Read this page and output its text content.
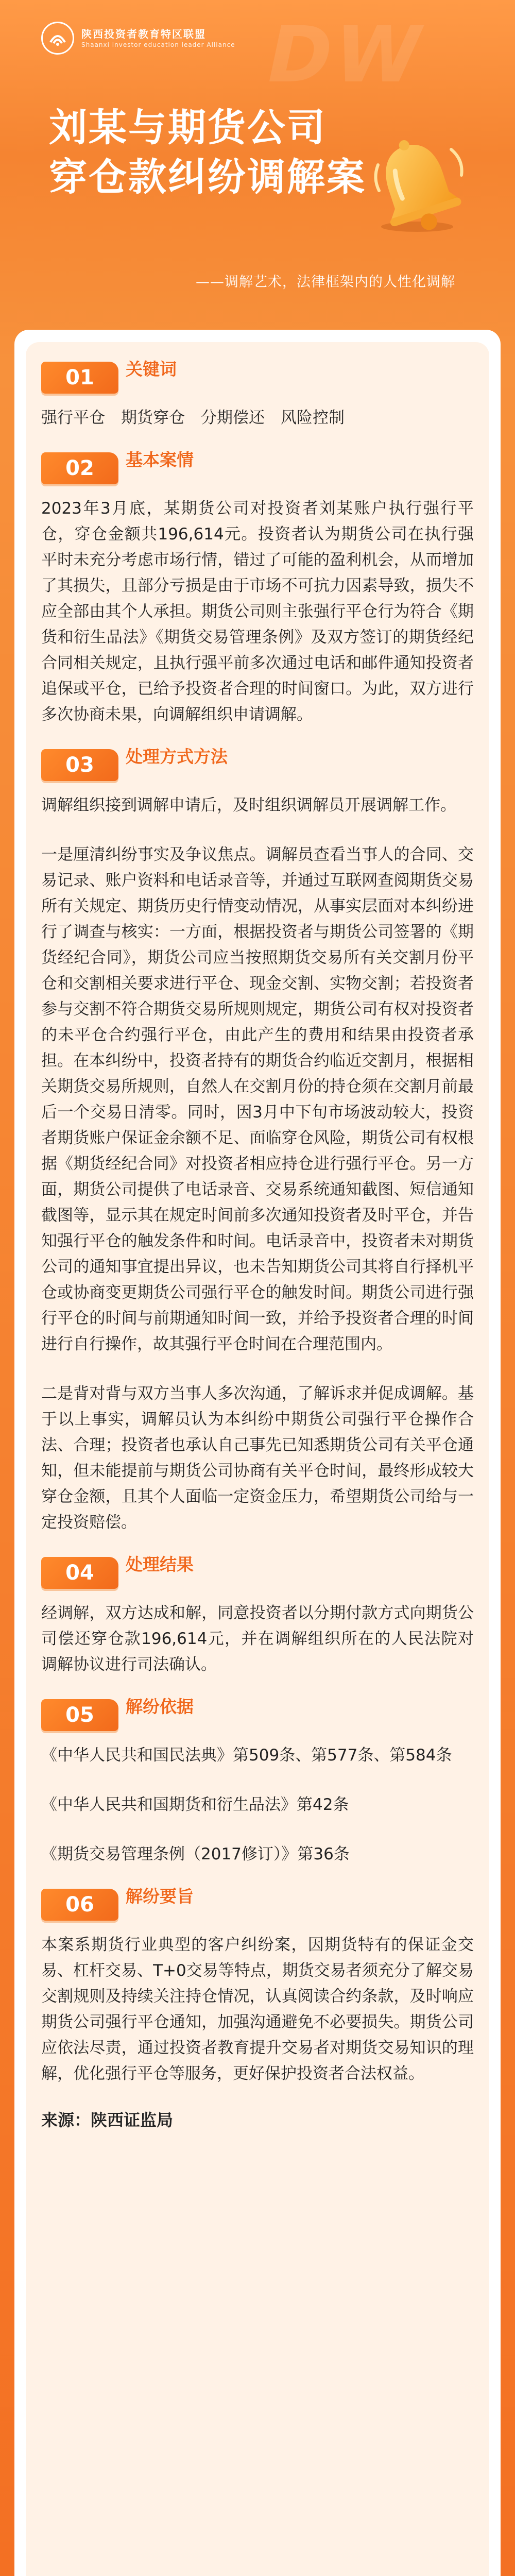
DW
陕西投资者教育特区联盟
Shaanxi investor education leader Alliance
刘某与期货公司
穿仓款纠纷调解案
——调解艺术，法律框架内的人性化调解
01 关键词

强行平仓　期货穿仓　分期偿还　风险控制

02 基本案情

2023年3月底，某期货公司对投资者刘某账户执行强行平仓，穿仓金额共196,614元。投资者认为期货公司在执行强平时未充分考虑市场行情，错过了可能的盈利机会，从而增加了其损失，且部分亏损是由于市场不可抗力因素导致，损失不应全部由其个人承担。期货公司则主张强行平仓行为符合《期货和衍生品法》《期货交易管理条例》及双方签订的期货经纪合同相关规定，且执行强平前多次通过电话和邮件通知投资者追保或平仓，已给予投资者合理的时间窗口。为此，双方进行多次协商未果，向调解组织申请调解。

03 处理方式方法

调解组织接到调解申请后，及时组织调解员开展调解工作。

一是厘清纠纷事实及争议焦点。调解员查看当事人的合同、交易记录、账户资料和电话录音等，并通过互联网查阅期货交易所有关规定、期货历史行情变动情况，从事实层面对本纠纷进行了调查与核实：一方面，根据投资者与期货公司签署的《期货经纪合同》，期货公司应当按照期货交易所有关交割月份平仓和交割相关要求进行平仓、现金交割、实物交割；若投资者参与交割不符合期货交易所规则规定，期货公司有权对投资者的未平仓合约强行平仓，由此产生的费用和结果由投资者承担。在本纠纷中，投资者持有的期货合约临近交割月，根据相关期货交易所规则，自然人在交割月份的持仓须在交割月前最后一个交易日清零。同时，因3月中下旬市场波动较大，投资者期货账户保证金余额不足、面临穿仓风险，期货公司有权根据《期货经纪合同》对投资者相应持仓进行强行平仓。另一方面，期货公司提供了电话录音、交易系统通知截图、短信通知截图等，显示其在规定时间前多次通知投资者及时平仓，并告知强行平仓的触发条件和时间。电话录音中，投资者未对期货公司的通知事宜提出异议，也未告知期货公司其将自行择机平仓或协商变更期货公司强行平仓的触发时间。期货公司进行强行平仓的时间与前期通知时间一致，并给予投资者合理的时间进行自行操作，故其强行平仓时间在合理范围内。

二是背对背与双方当事人多次沟通，了解诉求并促成调解。基于以上事实，调解员认为本纠纷中期货公司强行平仓操作合法、合理；投资者也承认自己事先已知悉期货公司有关平仓通知，但未能提前与期货公司协商有关平仓时间，最终形成较大穿仓金额，且其个人面临一定资金压力，希望期货公司给与一定投资赔偿。

04 处理结果

经调解，双方达成和解，同意投资者以分期付款方式向期货公司偿还穿仓款196,614元，并在调解组织所在的人民法院对调解协议进行司法确认。

05 解纷依据

《中华人民共和国民法典》第509条、第577条、第584条

《中华人民共和国期货和衍生品法》第42条

《期货交易管理条例（2017修订）》第36条

06 解纷要旨

本案系期货行业典型的客户纠纷案，因期货特有的保证金交易、杠杆交易、T+0交易等特点，期货交易者须充分了解交易交割规则及持续关注持仓情况，认真阅读合约条款，及时响应期货公司强行平仓通知，加强沟通避免不必要损失。期货公司应依法尽责，通过投资者教育提升交易者对期货交易知识的理解，优化强行平仓等服务，更好保护投资者合法权益。

来源：陕西证监局
